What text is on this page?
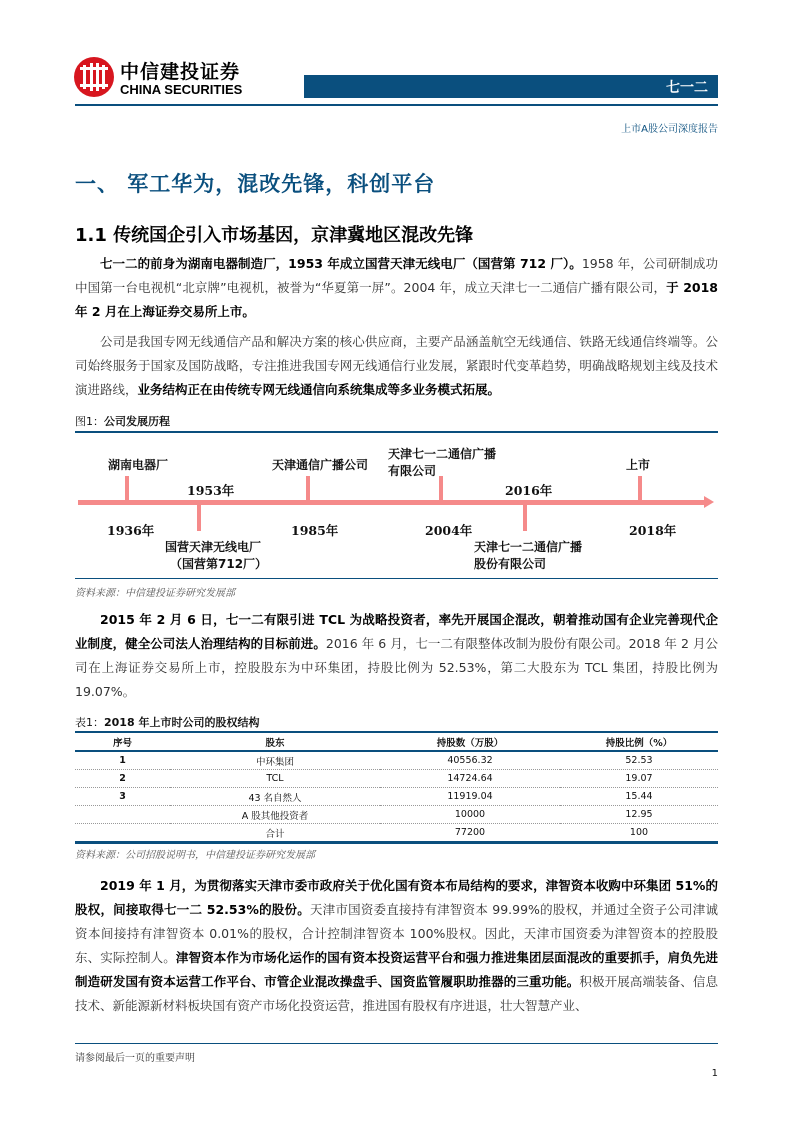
中信建投证券
CHINA SECURITIES	七一二
上市A股公司深度报告
一、 军工华为，混改先锋，科创平台
1.1 传统国企引入市场基因，京津冀地区混改先锋
七一二的前身为湖南电器制造厂，1953 年成立国营天津无线电厂（国营第 712 厂）。1958 年，公司研制成功中国第一台电视机“北京牌”电视机，被誉为“华夏第一屏”。2004 年，成立天津七一二通信广播有限公司，于 2018 年 2 月在上海证券交易所上市。
公司是我国专网无线通信产品和解决方案的核心供应商，主要产品涵盖航空无线通信、铁路无线通信终端等。公司始终服务于国家及国防战略，专注推进我国专网无线通信行业发展，紧跟时代变革趋势，明确战略规划主线及技术演进路线，业务结构正在由传统专网无线通信向系统集成等多业务模式拓展。
图1：公司发展历程
湖南电器厂
1936年
天津通信广播公司
1985年
天津七一二通信广播有限公司
2004年
上市
2018年
1953年
国营天津无线电厂
（国营第712厂）
2016年
天津七一二通信广播
股份有限公司
资料来源：中信建投证券研究发展部
2015 年 2 月 6 日，七一二有限引进 TCL 为战略投资者，率先开展国企混改，朝着推动国有企业完善现代企业制度，健全公司法人治理结构的目标前进。2016 年 6 月，七一二有限整体改制为股份有限公司。2018 年 2 月公司在上海证券交易所上市，控股股东为中环集团，持股比例为 52.53%，第二大股东为 TCL 集团，持股比例为 19.07%。
表1：2018 年上市时公司的股权结构
序号	股东	持股数（万股）	持股比例（%）
1	中环集团	40556.32	52.53
2	TCL	14724.64	19.07
3	43 名自然人	11919.04	15.44
	A 股其他投资者	10000	12.95
	合计	77200	100
资料来源：公司招股说明书，中信建投证券研究发展部
2019 年 1 月，为贯彻落实天津市委市政府关于优化国有资本布局结构的要求，津智资本收购中环集团 51%的股权，间接取得七一二 52.53%的股份。天津市国资委直接持有津智资本 99.99%的股权，并通过全资子公司津诚资本间接持有津智资本 0.01%的股权，合计控制津智资本 100%股权。因此，天津市国资委为津智资本的控股股东、实际控制人。津智资本作为市场化运作的国有资本投资运营平台和强力推进集团层面混改的重要抓手，肩负先进制造研发国有资本运营工作平台、市管企业混改操盘手、国资监管履职助推器的三重功能。积极开展高端装备、信息技术、新能源新材料板块国有资产市场化投资运营，推进国有股权有序进退，壮大智慧产业、
请参阅最后一页的重要声明
1
